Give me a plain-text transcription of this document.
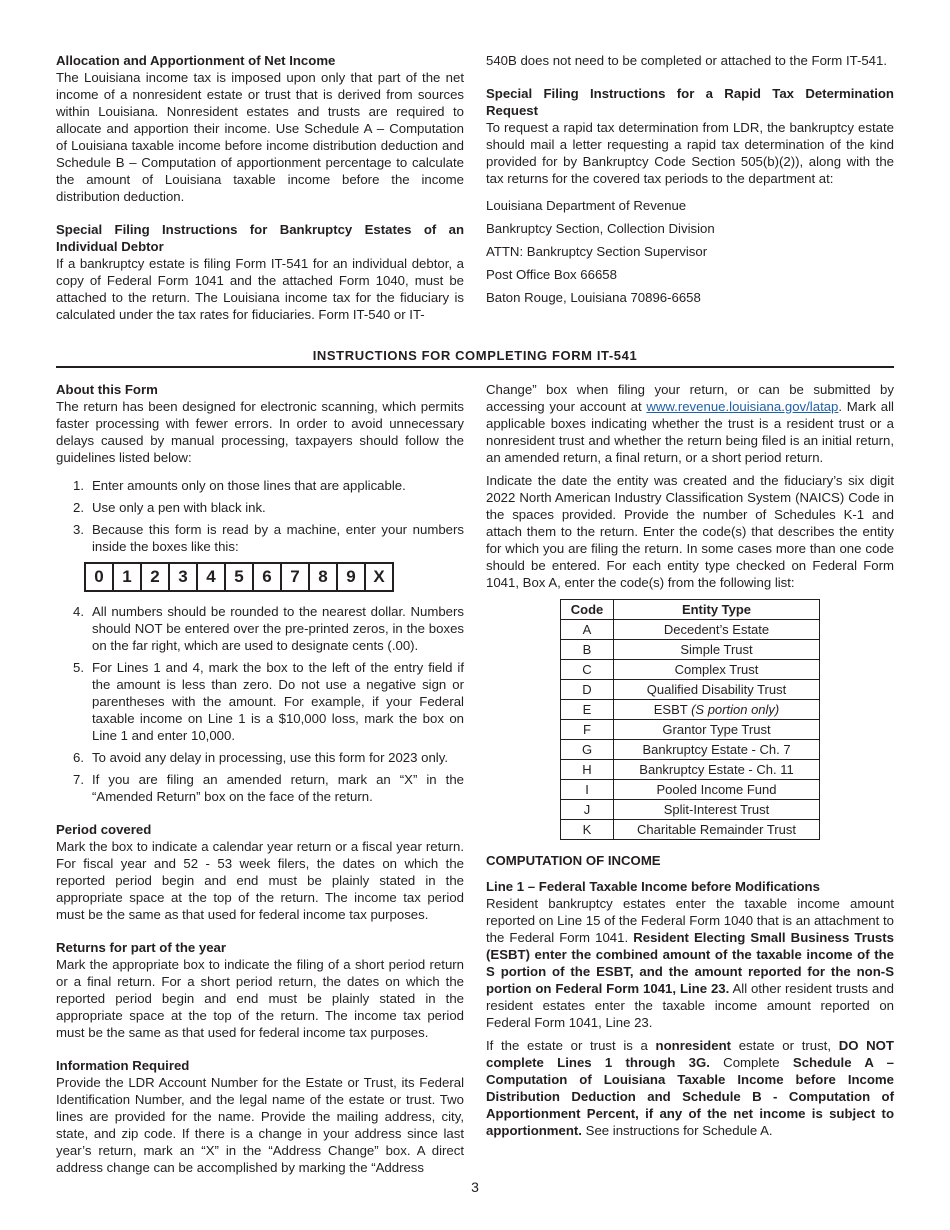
Allocation and Apportionment of Net Income

The Louisiana income tax is imposed upon only that part of the net income of a nonresident estate or trust that is derived from sources within Louisiana. Nonresident estates and trusts are required to allocate and apportion their income. Use Schedule A – Computation of Louisiana taxable income before income distribution deduction and Schedule B – Computation of apportionment percentage to calculate the amount of Louisiana taxable income before the income distribution deduction.

Special Filing Instructions for Bankruptcy Estates of an Individual Debtor

If a bankruptcy estate is filing Form IT-541 for an individual debtor, a copy of Federal Form 1041 and the attached Form 1040, must be attached to the return. The Louisiana income tax for the fiduciary is calculated under the tax rates for fiduciaries. Form IT-540 or IT-

540B does not need to be completed or attached to the Form IT-541.

Special Filing Instructions for a Rapid Tax Determination Request

To request a rapid tax determination from LDR, the bankruptcy estate should mail a letter requesting a rapid tax determination of the kind provided for by Bankruptcy Code Section 505(b)(2)), along with the tax returns for the covered tax periods to the department at:

Louisiana Department of Revenue

Bankruptcy Section, Collection Division

ATTN: Bankruptcy Section Supervisor

Post Office Box 66658

Baton Rouge, Louisiana 70896-6658

INSTRUCTIONS FOR COMPLETING FORM IT-541

About this Form

The return has been designed for electronic scanning, which permits faster processing with fewer errors. In order to avoid unnecessary delays caused by manual processing, taxpayers should follow the guidelines listed below:

1. Enter amounts only on those lines that are applicable.
2. Use only a pen with black ink.
3. Because this form is read by a machine, enter your numbers inside the boxes like this:
0	1	2	3	4	5	6	7	8	9	X
4. All numbers should be rounded to the nearest dollar. Numbers should NOT be entered over the pre-printed zeros, in the boxes on the far right, which are used to designate cents (.00).
5. For Lines 1 and 4, mark the box to the left of the entry field if the amount is less than zero. Do not use a negative sign or parentheses with the amount. For example, if your Federal taxable income on Line 1 is a $10,000 loss, mark the box on Line 1 and enter 10,000.
6. To avoid any delay in processing, use this form for 2023 only.
7. If you are filing an amended return, mark an “X” in the “Amended Return” box on the face of the return.

Period covered

Mark the box to indicate a calendar year return or a fiscal year return. For fiscal year and 52 - 53 week filers, the dates on which the reported period begin and end must be plainly stated in the appropriate space at the top of the return. The income tax period must be the same as that used for federal income tax purposes.

Returns for part of the year

Mark the appropriate box to indicate the filing of a short period return or a final return. For a short period return, the dates on which the reported period begin and end must be plainly stated in the appropriate space at the top of the return. The income tax period must be the same as that used for federal income tax purposes.

Information Required

Provide the LDR Account Number for the Estate or Trust, its Federal Identification Number, and the legal name of the estate or trust. Two lines are provided for the name. Provide the mailing address, city, state, and zip code. If there is a change in your address since last year’s return, mark an “X” in the “Address Change” box. A direct address change can be accomplished by marking the “Address

Change” box when filing your return, or can be submitted by accessing your account at www.revenue.louisiana.gov/latap. Mark all applicable boxes indicating whether the trust is a resident trust or a nonresident trust and whether the return being filed is an initial return, an amended return, a final return, or a short period return.

Indicate the date the entity was created and the fiduciary’s six digit 2022 North American Industry Classification System (NAICS) Code in the spaces provided. Provide the number of Schedules K-1 and attach them to the return. Enter the code(s) that describes the entity for which you are filing the return. In some cases more than one code should be entered. For each entity type checked on Federal Form 1041, Box A, enter the code(s) from the following list:

Code	Entity Type
A	Decedent’s Estate
B	Simple Trust
C	Complex Trust
D	Qualified Disability Trust
E	ESBT (S portion only)
F	Grantor Type Trust
G	Bankruptcy Estate - Ch. 7
H	Bankruptcy Estate - Ch. 11
I	Pooled Income Fund
J	Split-Interest Trust
K	Charitable Remainder Trust

COMPUTATION OF INCOME

Line 1 – Federal Taxable Income before Modifications

Resident bankruptcy estates enter the taxable income amount reported on Line 15 of the Federal Form 1040 that is an attachment to the Federal Form 1041. Resident Electing Small Business Trusts (ESBT) enter the combined amount of the taxable income of the S portion of the ESBT, and the amount reported for the non-S portion on Federal Form 1041, Line 23. All other resident trusts and resident estates enter the taxable income amount reported on Federal Form 1041, Line 23.

If the estate or trust is a nonresident estate or trust, DO NOT complete Lines 1 through 3G. Complete Schedule A – Computation of Louisiana Taxable Income before Income Distribution Deduction and Schedule B - Computation of Apportionment Percent, if any of the net income is subject to apportionment. See instructions for Schedule A.

3
